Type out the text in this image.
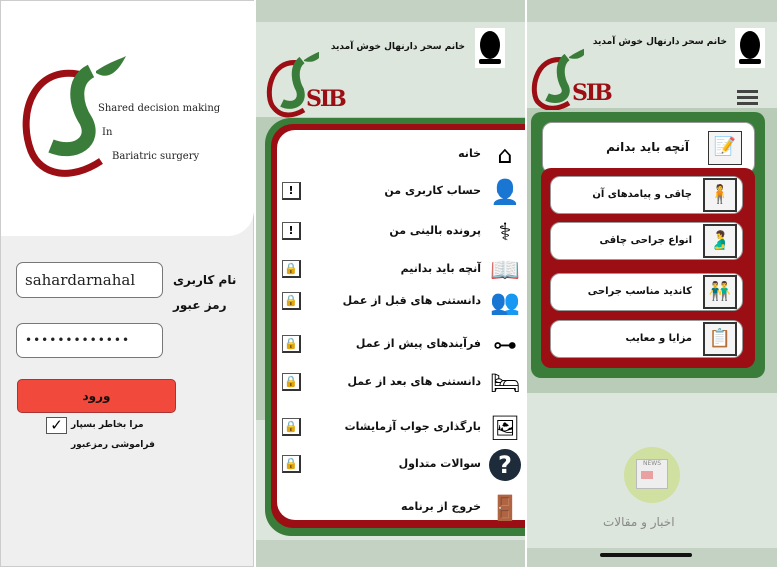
Shared decision making
In
Bariatric surgery
sahardarnahal
نام کاربری
رمز عبور
•••••••••••••
ورود
✓ مرا بخاطر بسپار
فراموشی رمزعبور
خانم سحر دارنهال خوش آمدید
SIB
⌂
خانه
👤
حساب کاربری من
!
⚕
پرونده بالینی من
!
📖
آنچه باید بدانیم
🔒
👥
دانستنی های قبل از عمل
🔒
⊶
فرآیندهای پیش از عمل
🔒
🛏
دانستنی های بعد از عمل
🔒
🖼
بارگذاری جواب آزمایشات
🔒
?
سوالات متداول
🔒
🚪
خروج از برنامه
خانم سحر دارنهال خوش آمدید
SIB
آنچه باید بدانم	📝
چاقی و پیامدهای آن 🧍
انواع جراحی چاقی 🫃
کاندید مناسب جراحی 👬
مزایا و معایب 📋
NEWS
اخبار و مقالات
